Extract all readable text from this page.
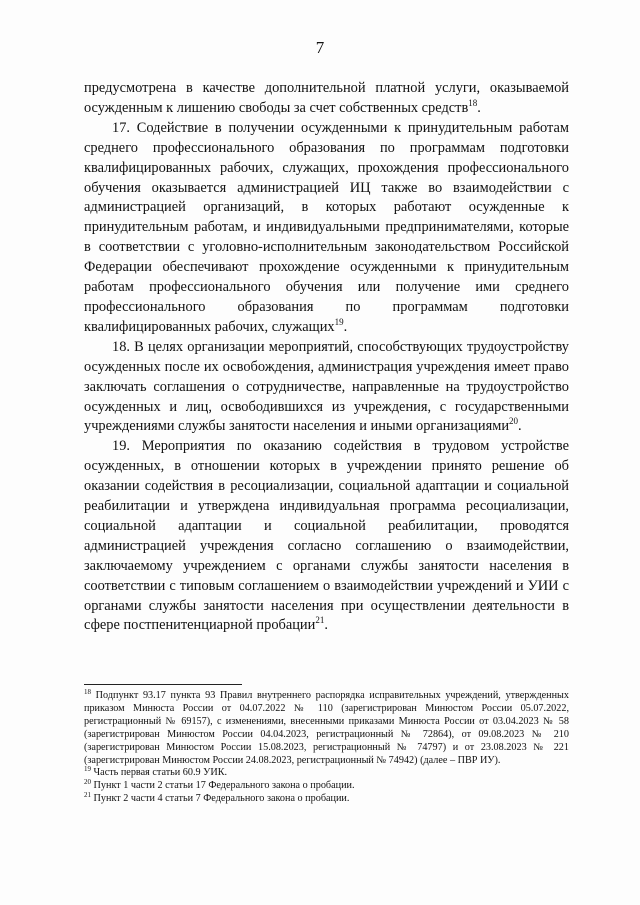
7

предусмотрена в качестве дополнительной платной услуги, оказываемой осужденным к лишению свободы за счет собственных средств$^{18}$.

17. Содействие в получении осужденными к принудительным работам среднего профессионального образования по программам подготовки квалифицированных рабочих, служащих, прохождения профессионального обучения оказывается администрацией ИЦ также во взаимодействии с администрацией организаций, в которых работают осужденные к принудительным работам, и индивидуальными предпринимателями, которые в соответствии с уголовно-исполнительным законодательством Российской Федерации обеспечивают прохождение осужденными к принудительным работам профессионального обучения или получение ими среднего профессионального образования по программам подготовки квалифицированных рабочих, служащих$^{19}$.

18. В целях организации мероприятий, способствующих трудоустройству осужденных после их освобождения, администрация учреждения имеет право заключать соглашения о сотрудничестве, направленные на трудоустройство осужденных и лиц, освободившихся из учреждения, с государственными учреждениями службы занятости населения и иными организациями$^{20}$.

19. Мероприятия по оказанию содействия в трудовом устройстве осужденных, в отношении которых в учреждении принято решение об оказании содействия в ресоциализации, социальной адаптации и социальной реабилитации и утверждена индивидуальная программа ресоциализации, социальной адаптации и социальной реабилитации, проводятся администрацией учреждения согласно соглашению о взаимодействии, заключаемому учреждением с органами службы занятости населения в соответствии с типовым соглашением о взаимодействии учреждений и УИИ с органами службы занятости населения при осуществлении деятельности в сфере постпенитенциарной пробации$^{21}$.

$^{18}$ Подпункт 93.17 пункта 93 Правил внутреннего распорядка исправительных учреждений, утвержденных приказом Минюста России от 04.07.2022 № 110 (зарегистрирован Минюстом России 05.07.2022, регистрационный № 69157), с изменениями, внесенными приказами Минюста России от 03.04.2023 № 58 (зарегистрирован Минюстом России 04.04.2023, регистрационный № 72864), от 09.08.2023 № 210 (зарегистрирован Минюстом России 15.08.2023, регистрационный № 74797) и от 23.08.2023 № 221 (зарегистрирован Минюстом России 24.08.2023, регистрационный № 74942) (далее – ПВР ИУ).

$^{19}$ Часть первая статьи 60.9 УИК.

$^{20}$ Пункт 1 части 2 статьи 17 Федерального закона о пробации.

$^{21}$ Пункт 2 части 4 статьи 7 Федерального закона о пробации.
